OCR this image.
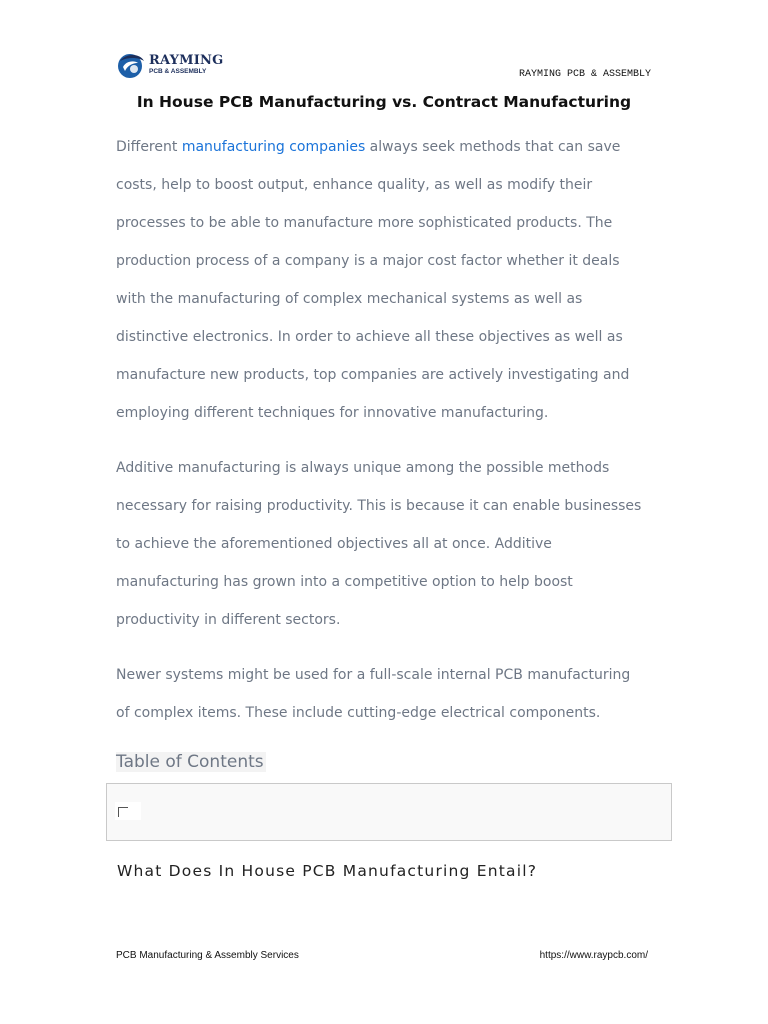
RAYMING
PCB & ASSEMBLY	RAYMING PCB & ASSEMBLY
In House PCB Manufacturing vs. Contract Manufacturing

Different manufacturing companies always seek methods that can save
costs, help to boost output, enhance quality, as well as modify their
processes to be able to manufacture more sophisticated products. The
production process of a company is a major cost factor whether it deals
with the manufacturing of complex mechanical systems as well as
distinctive electronics. In order to achieve all these objectives as well as
manufacture new products, top companies are actively investigating and
employing different techniques for innovative manufacturing.

Additive manufacturing is always unique among the possible methods
necessary for raising productivity. This is because it can enable businesses
to achieve the aforementioned objectives all at once. Additive
manufacturing has grown into a competitive option to help boost
productivity in different sectors.

Newer systems might be used for a full-scale internal PCB manufacturing
of complex items. These include cutting-edge electrical components.

Table of Contents
What Does In House PCB Manufacturing Entail?
PCB Manufacturing & Assembly Services	https://www.raypcb.com/
